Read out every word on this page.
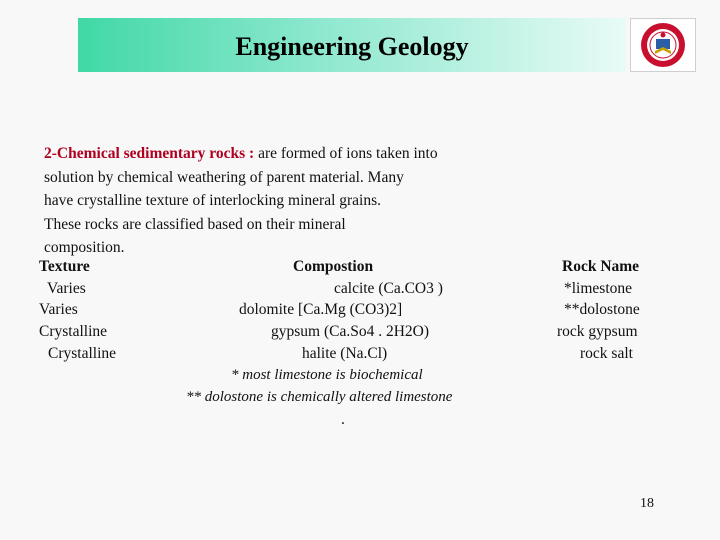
Engineering Geology
2-Chemical sedimentary rocks : are formed of ions taken into
solution by chemical weathering of parent material. Many
have crystalline texture of interlocking mineral grains.
These rocks are classified based on their mineral
composition.
Texture	Compostion	Rock Name
Varies	calcite (Ca.CO3 )	*limestone
Varies	dolomite [Ca.Mg (CO3)2]	**dolostone
Crystalline	gypsum (Ca.So4 . 2H2O)	rock gypsum
Crystalline	halite (Na.Cl)	rock salt
* most limestone is biochemical
** dolostone is chemically altered limestone
.
18
